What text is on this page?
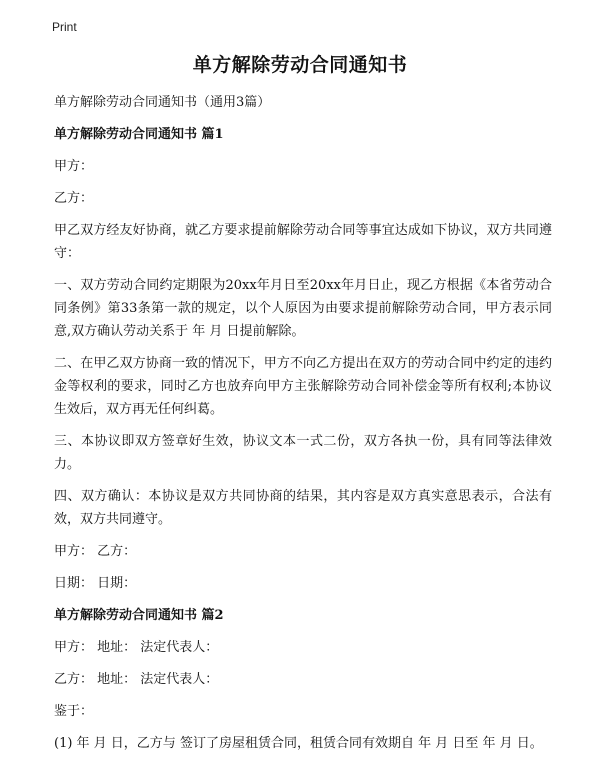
Print
单方解除劳动合同通知书

单方解除劳动合同通知书（通用3篇）

单方解除劳动合同通知书 篇1

甲方：

乙方：

甲乙双方经友好协商，就乙方要求提前解除劳动合同等事宜达成如下协议，双方共同遵守：

一、双方劳动合同约定期限为20xx年月日至20xx年月日止，现乙方根据《本省劳动合同条例》第33条第一款的规定，以个人原因为由要求提前解除劳动合同，甲方表示同意,双方确认劳动关系于 年 月 日提前解除。

二、在甲乙双方协商一致的情况下，甲方不向乙方提出在双方的劳动合同中约定的违约金等权利的要求，同时乙方也放弃向甲方主张解除劳动合同补偿金等所有权利;本协议生效后，双方再无任何纠葛。

三、本协议即双方签章好生效，协议文本一式二份，双方各执一份，具有同等法律效力。

四、双方确认：本协议是双方共同协商的结果，其内容是双方真实意思表示，合法有效，双方共同遵守。

甲方： 乙方：

日期： 日期：

单方解除劳动合同通知书 篇2

甲方： 地址： 法定代表人：

乙方： 地址： 法定代表人：

鉴于：

(1) 年 月 日，乙方与 签订了房屋租赁合同，租赁合同有效期自 年 月 日至 年 月 日。
